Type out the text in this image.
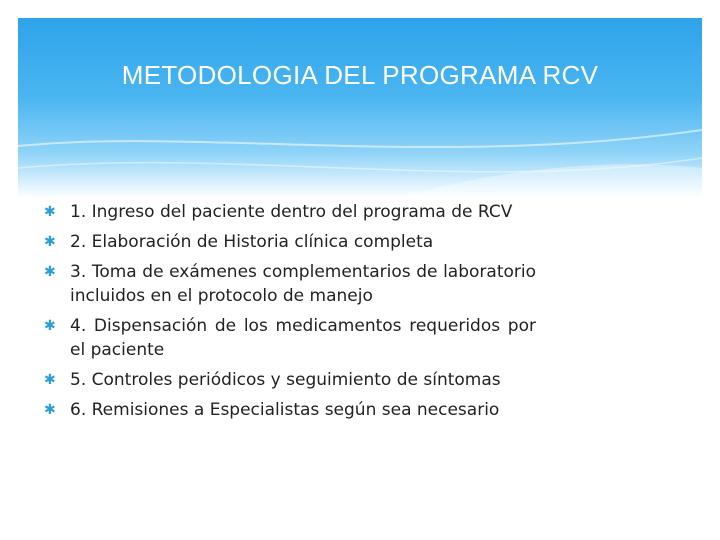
METODOLOGIA DEL PROGRAMA RCV
✱ 1. Ingreso del paciente dentro del programa de RCV
✱ 2. Elaboración de Historia clínica completa
✱ 3. Toma de exámenes complementarios de laboratorio incluidos en el protocolo de manejo
✱ 4. Dispensación de los medicamentos requeridos por el paciente
✱ 5. Controles periódicos y seguimiento de síntomas
✱ 6. Remisiones a Especialistas según sea necesario
